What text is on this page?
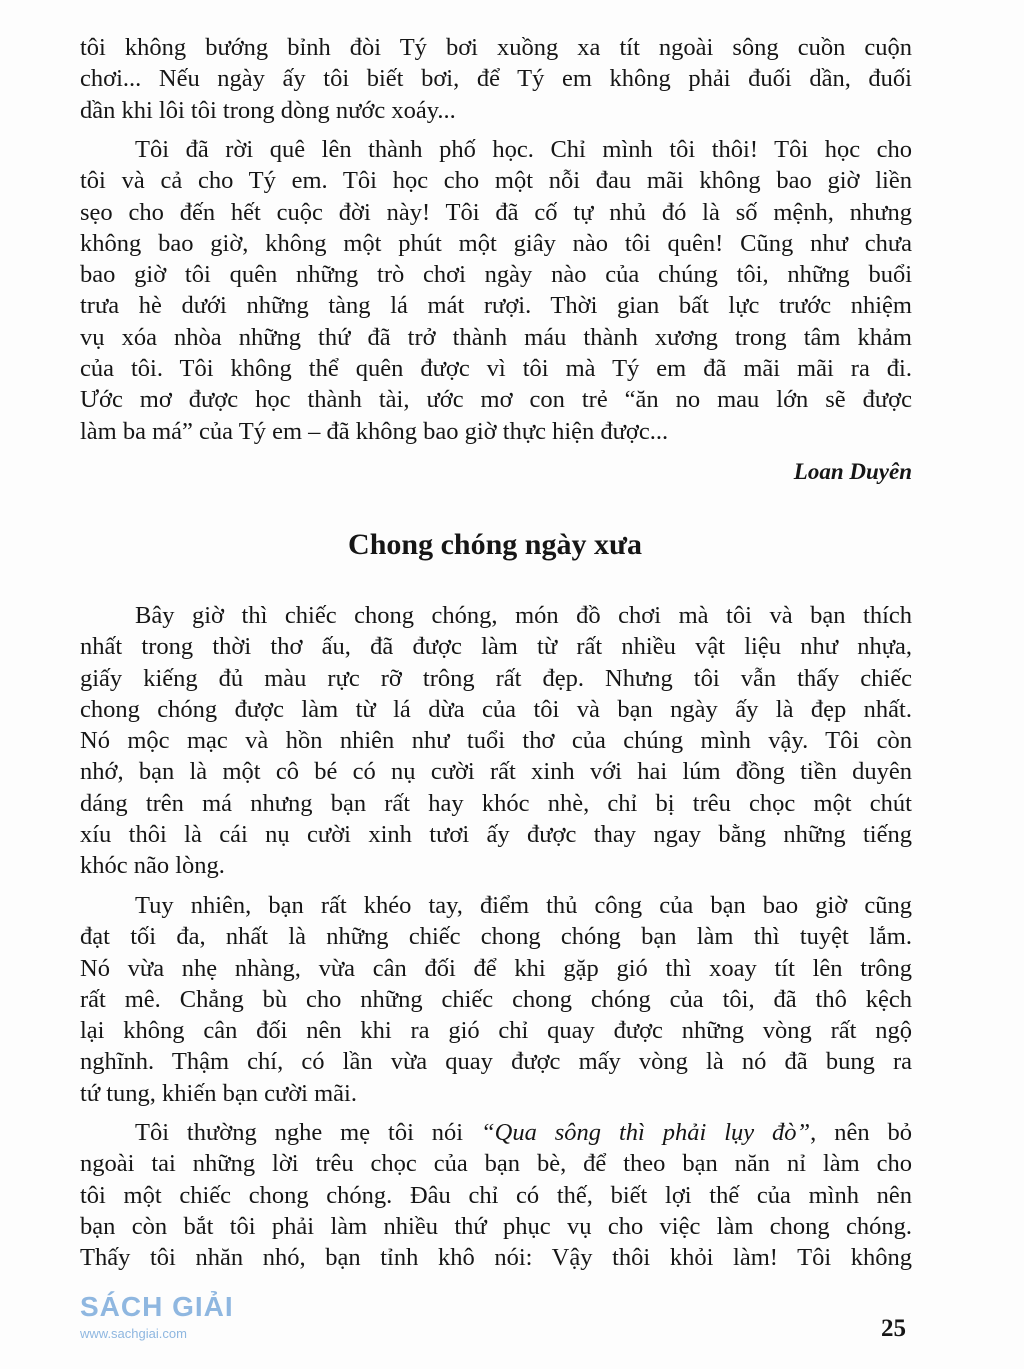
tôi không bướng bỉnh đòi Tý bơi xuồng xa tít ngoài sông cuồn cuộn
chơi... Nếu ngày ấy tôi biết bơi, để Tý em không phải đuối dần, đuối
dần khi lôi tôi trong dòng nước xoáy...
Tôi đã rời quê lên thành phố học. Chỉ mình tôi thôi! Tôi học cho
tôi và cả cho Tý em. Tôi học cho một nỗi đau mãi không bao giờ liền
sẹo cho đến hết cuộc đời này! Tôi đã cố tự nhủ đó là số mệnh, nhưng
không bao giờ, không một phút một giây nào tôi quên! Cũng như chưa
bao giờ tôi quên những trò chơi ngày nào của chúng tôi, những buổi
trưa hè dưới những tàng lá mát rượi. Thời gian bất lực trước nhiệm
vụ xóa nhòa những thứ đã trở thành máu thành xương trong tâm khảm
của tôi. Tôi không thể quên được vì tôi mà Tý em đã mãi mãi ra đi.
Ước mơ được học thành tài, ước mơ con trẻ “ăn no mau lớn sẽ được
làm ba má” của Tý em – đã không bao giờ thực hiện được...
Loan Duyên
Chong chóng ngày xưa
Bây giờ thì chiếc chong chóng, món đồ chơi mà tôi và bạn thích
nhất trong thời thơ ấu, đã được làm từ rất nhiều vật liệu như nhựa,
giấy kiếng đủ màu rực rỡ trông rất đẹp. Nhưng tôi vẫn thấy chiếc
chong chóng được làm từ lá dừa của tôi và bạn ngày ấy là đẹp nhất.
Nó mộc mạc và hồn nhiên như tuổi thơ của chúng mình vậy. Tôi còn
nhớ, bạn là một cô bé có nụ cười rất xinh với hai lúm đồng tiền duyên
dáng trên má nhưng bạn rất hay khóc nhè, chỉ bị trêu chọc một chút
xíu thôi là cái nụ cười xinh tươi ấy được thay ngay bằng những tiếng
khóc não lòng.
Tuy nhiên, bạn rất khéo tay, điểm thủ công của bạn bao giờ cũng
đạt tối đa, nhất là những chiếc chong chóng bạn làm thì tuyệt lắm.
Nó vừa nhẹ nhàng, vừa cân đối để khi gặp gió thì xoay tít lên trông
rất mê. Chẳng bù cho những chiếc chong chóng của tôi, đã thô kệch
lại không cân đối nên khi ra gió chỉ quay được những vòng rất ngộ
nghĩnh. Thậm chí, có lần vừa quay được mấy vòng là nó đã bung ra
tứ tung, khiến bạn cười mãi.
Tôi thường nghe mẹ tôi nói “Qua sông thì phải lụy đò”, nên bỏ
ngoài tai những lời trêu chọc của bạn bè, để theo bạn năn nỉ làm cho
tôi một chiếc chong chóng. Đâu chỉ có thế, biết lợi thế của mình nên
bạn còn bắt tôi phải làm nhiều thứ phục vụ cho việc làm chong chóng.
Thấy tôi nhăn nhó, bạn tỉnh khô nói: Vậy thôi khỏi làm! Tôi không
SÁCH GIẢI
www.sachgiai.com	25
